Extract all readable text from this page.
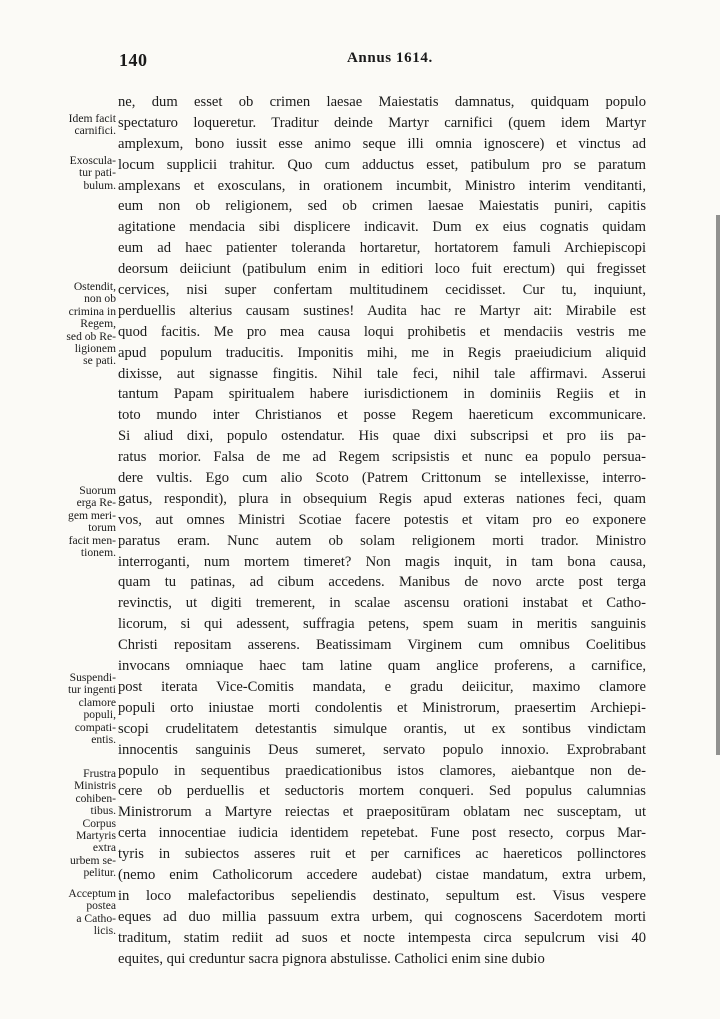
140	Annus 1614.
ne, dum esset ob crimen laesae Maiestatis damnatus, quidquam populo
spectaturo loqueretur. Traditur deinde Martyr carnifici (quem idem Martyr
amplexum, bono iussit esse animo seque illi omnia ignoscere) et vinctus ad
locum supplicii trahitur. Quo cum adductus esset, patibulum pro se paratum
amplexans et exosculans, in orationem incumbit, Ministro interim venditanti,
eum non ob religionem, sed ob crimen laesae Maiestatis puniri, capitis
agitatione mendacia sibi displicere indicavit. Dum ex eius cognatis quidam
eum ad haec patienter toleranda hortaretur, hortatorem famuli Archiepiscopi
deorsum deiiciunt (patibulum enim in editiori loco fuit erectum) qui fregisset
cervices, nisi super confertam multitudinem cecidisset. Cur tu, inquiunt,
perduellis alterius causam sustines! Audita hac re Martyr ait: Mirabile est
quod facitis. Me pro mea causa loqui prohibetis et mendaciis vestris me
apud populum traducitis. Imponitis mihi, me in Regis praeiudicium aliquid
dixisse, aut signasse fingitis. Nihil tale feci, nihil tale affirmavi. Asserui
tantum Papam spiritualem habere iurisdictionem in dominiis Regiis et in
toto mundo inter Christianos et posse Regem haereticum excommunicare.
Si aliud dixi, populo ostendatur. His quae dixi subscripsi et pro iis pa-
ratus morior. Falsa de me ad Regem scripsistis et nunc ea populo persua-
dere vultis. Ego cum alio Scoto (Patrem Crittonum se intellexisse, interro-
gatus, respondit), plura in obsequium Regis apud exteras nationes feci, quam
vos, aut omnes Ministri Scotiae facere potestis et vitam pro eo exponere
paratus eram. Nunc autem ob solam religionem morti trador. Ministro
interroganti, num mortem timeret? Non magis inquit, in tam bona causa,
quam tu patinas, ad cibum accedens. Manibus de novo arcte post terga
revinctis, ut digiti tremerent, in scalae ascensu orationi instabat et Catho-
licorum, si qui adessent, suffragia petens, spem suam in meritis sanguinis
Christi repositam asserens. Beatissimam Virginem cum omnibus Coelitibus
invocans omniaque haec tam latine quam anglice proferens, a carnifice,
post iterata Vice-Comitis mandata, e gradu deiicitur, maximo clamore
populi orto iniustae morti condolentis et Ministrorum, praesertim Archiepi-
scopi crudelitatem detestantis simulque orantis, ut ex sontibus vindictam
innocentis sanguinis Deus sumeret, servato populo innoxio. Exprobrabant
populo in sequentibus praedicationibus istos clamores, aiebantque non de-
cere ob perduellis et seductoris mortem conqueri. Sed populus calumnias
Ministrorum a Martyre reiectas et praepositūram oblatam nec susceptam, ut
certa innocentiae iudicia identidem repetebat. Fune post resecto, corpus Mar-
tyris in subiectos asseres ruit et per carnifices ac haereticos pollinctores
(nemo enim Catholicorum accedere audebat) cistae mandatum, extra urbem,
in loco malefactoribus sepeliendis destinato, sepultum est. Visus vespere
eques ad duo millia passuum extra urbem, qui cognoscens Sacerdotem morti
traditum, statim rediit ad suos et nocte intempesta circa sepulcrum visi 40
equites, qui creduntur sacra pignora abstulisse. Catholici enim sine dubio
Idem facit
carnifici.
Exoscula-
tur pati-
bulum.
Ostendit,
non ob
crimina in
Regem,
sed ob Re-
ligionem
se pati.
Suorum
erga Re-
gem meri-
torum
facit men-
tionem.
Suspendi-
tur ingenti
clamore
populi,
compati-
entis.
Frustra
Ministris
cohiben-
tibus.
Corpus
Martyris
extra
urbem se-
pelitur.
Acceptum
postea
a Catho-
licis.
